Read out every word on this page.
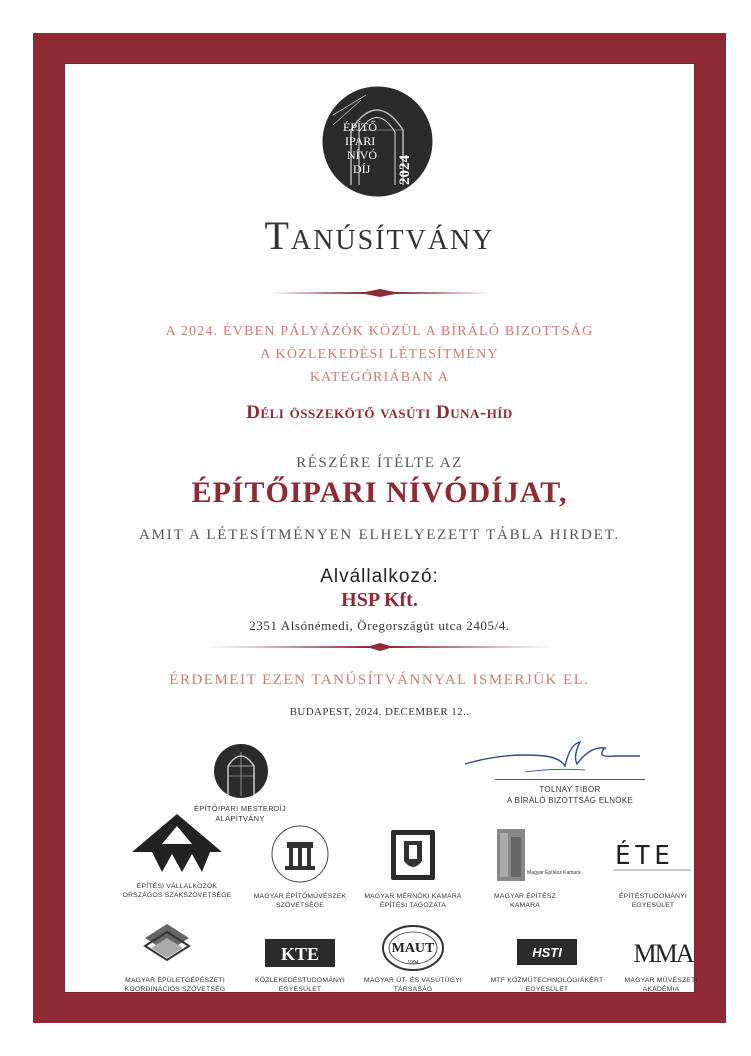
ÉPÍTŐ
IPARI
NÍVÓ
DÍJ 2024
Tanúsítvány
A 2024. ÉVBEN PÁLYÁZÓK KÖZÜL A BÍRÁLÓ BIZOTTSÁG
A KÖZLEKEDÉSI LÉTESÍTMÉNY
KATEGÓRIÁBAN A
Déli összekötő vasúti Duna-híd
RÉSZÉRE ÍTÉLTE AZ
ÉPÍTŐIPARI NÍVÓDÍJAT,
AMIT A LÉTESÍTMÉNYEN ELHELYEZETT TÁBLA HIRDET.
Alvállalkozó:
HSP Kft.
2351 Alsónémedi, Öregországút utca 2405/4.
ÉRDEMEIT EZEN TANÚSÍTVÁNNYAL ISMERJÜK EL.
BUDAPEST, 2024. DECEMBER 12..
ÉPÍTŐIPARI MESTERDÍJ
ALAPÍTVÁNY
TOLNAY TIBOR
A BÍRÁLÓ BIZOTTSÁG ELNÖKE
ÉPÍTÉSI VÁLLALKOZÓK
ORSZÁGOS SZAKSZÖVETSÉGE	MAGYAR ÉPÍTŐMŰVÉSZEK
SZÖVETSÉGE
MAGYAR MÉRNÖKI KAMARA
ÉPÍTÉSI TAGOZATA
Magyar Építész Kamara
MAGYAR ÉPÍTÉSZ
KAMARA
ÉTE
ÉPÍTÉSTUDOMÁNYI
EGYESÜLET
MAGYAR ÉPÜLETGÉPÉSZETI
KOORDINÁCIÓS SZÖVETSÉG
KTE
KÖZLEKEDÉSTUDOMÁNYI
EGYESÜLET
MAUT
1994
MAGYAR ÚT- ÉS VASÚTÜGYI
TÁRSASÁG
HSTI
MTF KÖZMŰTECHNOLÓGIÁKÉRT
EGYESÜLET
MMA
MAGYAR MŰVÉSZETI
AKADÉMIA
